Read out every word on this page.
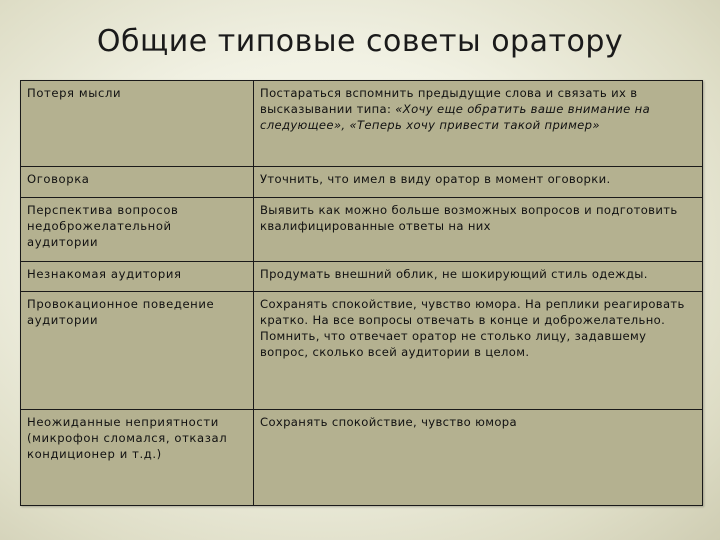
Общие типовые советы оратору
Потеря мысли	Постараться вспомнить предыдущие слова и связать их в высказывании типа: «Хочу еще обратить ваше внимание на следующее», «Теперь хочу привести такой пример»
Оговорка	Уточнить, что имел в виду оратор в момент оговорки.
Перспектива вопросов недоброжелательной аудитории	Выявить как можно больше возможных вопросов и подготовить квалифицированные ответы на них
Незнакомая аудитория	Продумать внешний облик, не шокирующий стиль одежды.
Провокационное поведение аудитории	Сохранять спокойствие, чувство юмора. На реплики реагировать кратко. На все вопросы отвечать в конце и доброжелательно. Помнить, что отвечает оратор не столько лицу, задавшему вопрос, сколько всей аудитории в целом.
Неожиданные неприятности (микрофон сломался, отказал кондиционер и т.д.)	Сохранять спокойствие, чувство юмора
